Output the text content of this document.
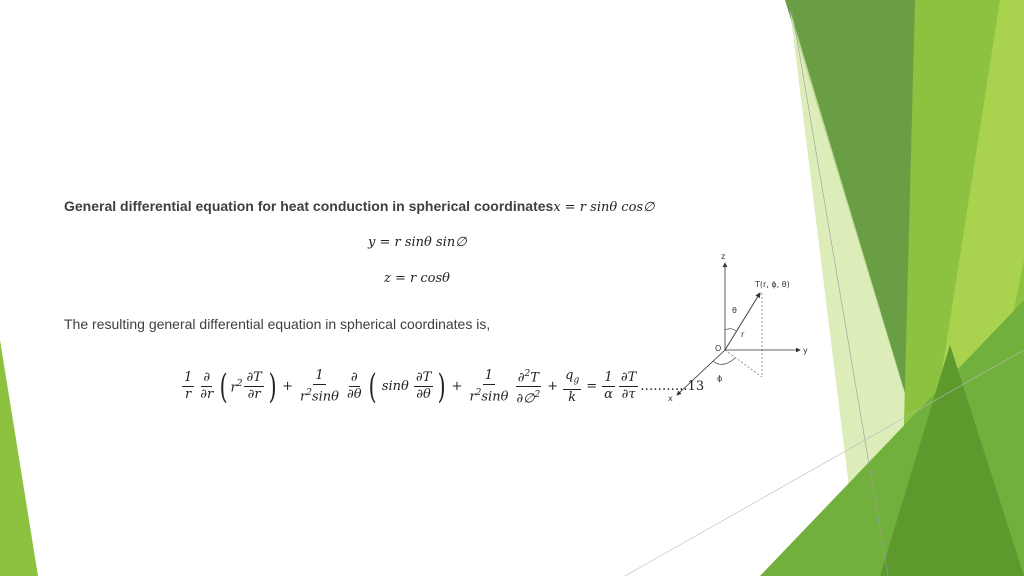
General differential equation for heat conduction in spherical coordinatesx = r sinθ cos∅
y = r sinθ sin∅
z = r cosθ
The resulting general differential equation in spherical coordinates is,
$\frac{1}{r} \frac{\partial}{\partial r}$ ( $r^2 \frac{\partial T}{\partial r}$ ) + $\frac{1}{r^2\sin\theta} \frac{\partial}{\partial\theta}$ ( sinθ $\frac{\partial T}{\partial\theta}$ ) + $\frac{1}{r^2\sin\theta} \frac{\partial^2T}{\partial\emptyset^2} + \frac{q_g}{k} = \frac{1}{\alpha} \frac{\partial T}{\partial\tau}$ ………..13
z
y
x
T(r, ϕ, θ)
θ
r
O
ϕ
